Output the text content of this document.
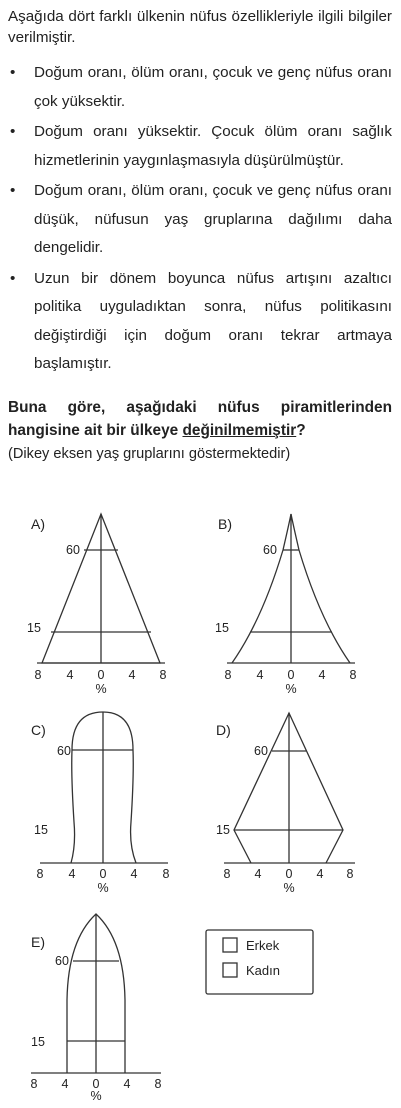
Aşağıda dört farklı ülkenin nüfus özellikleriyle ilgili bilgiler verilmiştir.
• Doğum oranı, ölüm oranı, çocuk ve genç nüfus oranı çok yüksektir.
• Doğum oranı yüksektir. Çocuk ölüm oranı sağlık hizmetlerinin yaygınlaşmasıyla düşürülmüştür.
• Doğum oranı, ölüm oranı, çocuk ve genç nüfus oranı düşük, nüfusun yaş gruplarına dağılımı daha dengelidir.
• Uzun bir dönem boyunca nüfus artışını azaltıcı politika uyguladıktan sonra, nüfus politikasını değiştirdiği için doğum oranı tekrar artmaya başlamıştır.
Buna göre, aşağıdaki nüfus piramitlerinden hangisine ait bir ülkeye değinilmemiştir?
(Dikey eksen yaş gruplarını göstermektedir)
A)
60
15
8 4 0 4 8
%
B)
60
15
8 4 0 4 8
%
C)
60
15
8 4 0 4 8
%
D)
60
15
8 4 0 4 8
%
E)
60
15
8 4 0 4 8
%
Erkek
Kadın
